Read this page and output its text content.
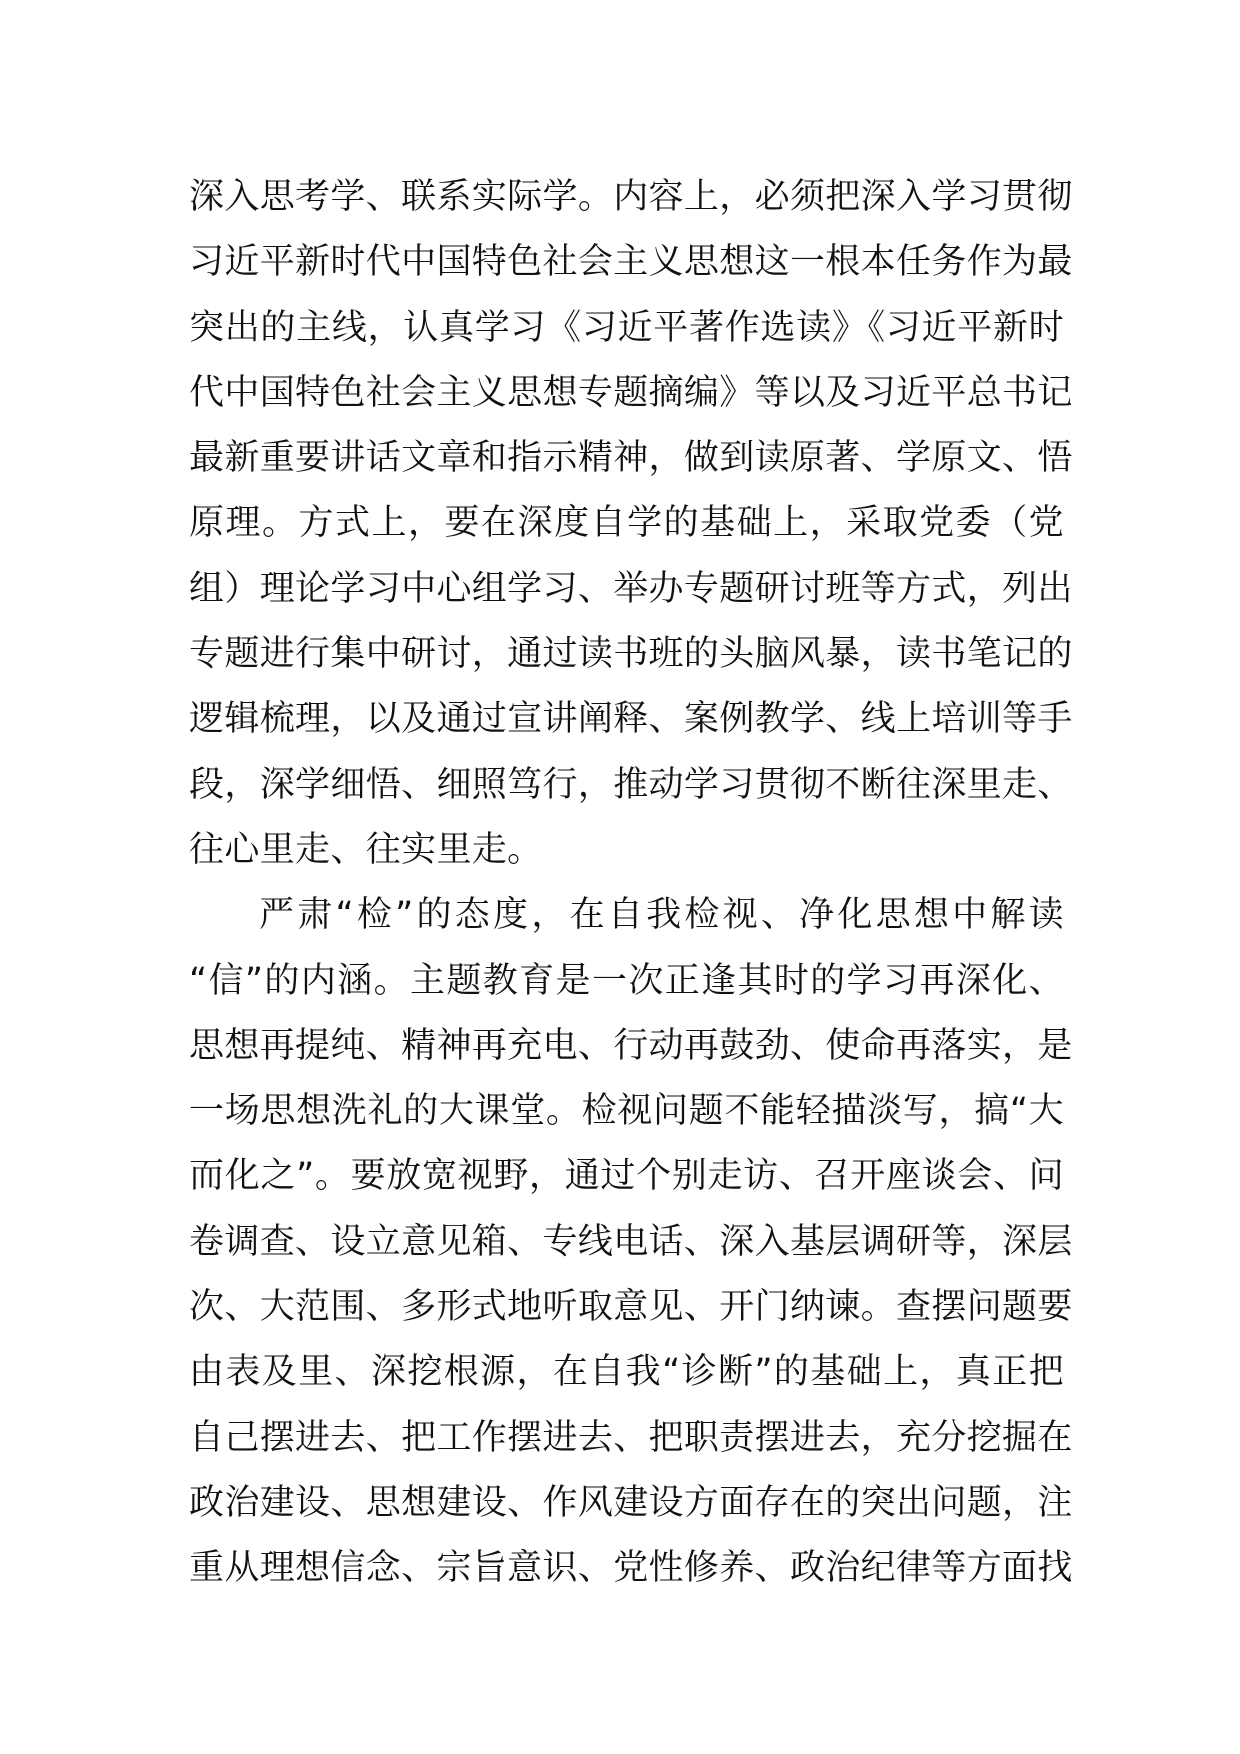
深入思考学、联系实际学。内容上，必须把深入学习贯彻
习近平新时代中国特色社会主义思想这一根本任务作为最
突出的主线，认真学习《习近平著作选读》《习近平新时
代中国特色社会主义思想专题摘编》等以及习近平总书记
最新重要讲话文章和指示精神，做到读原著、学原文、悟
原理。方式上，要在深度自学的基础上，采取党委（党
组）理论学习中心组学习、举办专题研讨班等方式，列出
专题进行集中研讨，通过读书班的头脑风暴，读书笔记的
逻辑梳理，以及通过宣讲阐释、案例教学、线上培训等手
段，深学细悟、细照笃行，推动学习贯彻不断往深里走、
往心里走、往实里走。
严肃“检”的态度，在自我检视、净化思想中解读
“信”的内涵。主题教育是一次正逢其时的学习再深化、
思想再提纯、精神再充电、行动再鼓劲、使命再落实，是
一场思想洗礼的大课堂。检视问题不能轻描淡写，搞“大
而化之”。要放宽视野，通过个别走访、召开座谈会、问
卷调查、设立意见箱、专线电话、深入基层调研等，深层
次、大范围、多形式地听取意见、开门纳谏。查摆问题要
由表及里、深挖根源，在自我“诊断”的基础上，真正把
自己摆进去、把工作摆进去、把职责摆进去，充分挖掘在
政治建设、思想建设、作风建设方面存在的突出问题，注
重从理想信念、宗旨意识、党性修养、政治纪律等方面找
